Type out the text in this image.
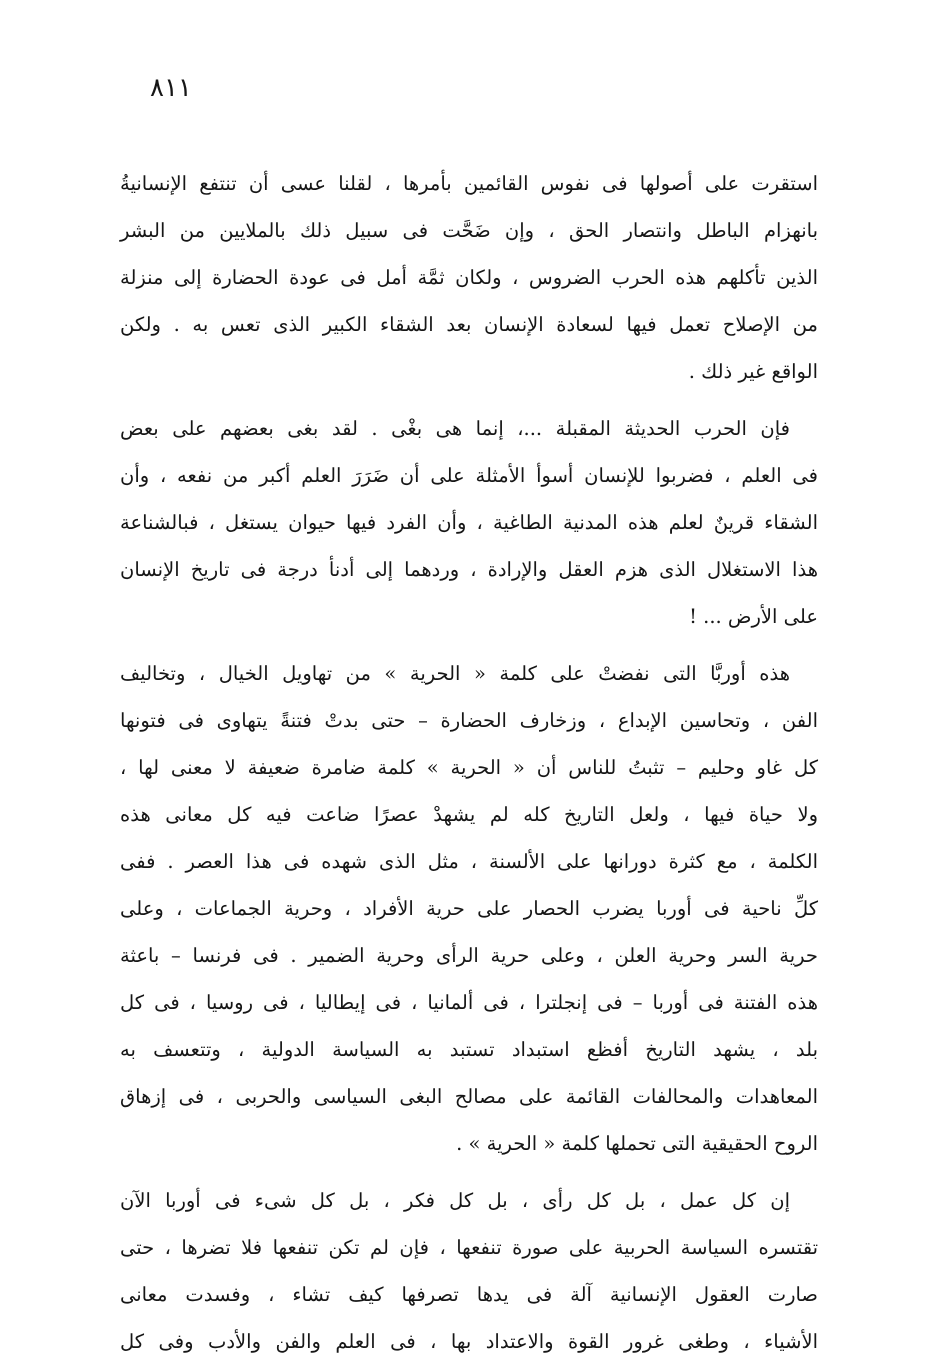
٨١١
استقرت على أصولها فى نفوس القائمين بأمرها ، لقلنا عسى أن تنتفع الإنسانيةُ
بانهزام الباطل وانتصار الحق ، وإن ضَحَّت فى سبيل ذلك بالملايين من البشر
الذين تأكلهم هذه الحرب الضروس ، ولكان ثمَّة أمل فى عودة الحضارة إلى منزلة
من الإصلاح تعمل فيها لسعادة الإنسان بعد الشقاء الكبير الذى تعس به . ولكن
الواقع غير ذلك .
فإن الحرب الحديثة المقبلة ...، إنما هى بغْى . لقد بغى بعضهم على بعض
فى العلم ، فضربوا للإنسان أسوأ الأمثلة على أن ضَرَرَ العلم أكبر من نفعه ، وأن
الشقاء قرينٌ لعلم هذه المدنية الطاغية ، وأن الفرد فيها حيوان يستغل ، فبالشناعة
هذا الاستغلال الذى هزم العقل والإرادة ، وردهما إلى أدنأ درجة فى تاريخ الإنسان
على الأرض ... !
هذه أوربَّا التى نفضتْ على كلمة « الحرية » من تهاويل الخيال ، وتخاليف
الفن ، وتحاسين الإبداع ، وزخارف الحضارة – حتى بدتْ فتنةً يتهاوى فى فتونها
كل غاو وحليم – تثبتُ للناس أن « الحرية » كلمة ضامرة ضعيفة لا معنى لها ،
ولا حياة فيها ، ولعل التاريخ كله لم يشهدْ عصرًا ضاعت فيه كل معانى هذه
الكلمة ، مع كثرة دورانها على الألسنة ، مثل الذى شهده فى هذا العصر . ففى
كلِّ ناحية فى أوربا يضرب الحصار على حرية الأفراد ، وحرية الجماعات ، وعلى
حرية السر وحرية العلن ، وعلى حرية الرأى وحرية الضمير . فى فرنسا – باعثة
هذه الفتنة فى أوربا – فى إنجلترا ، فى ألمانيا ، فى إيطاليا ، فى روسيا ، فى كل
بلد ، يشهد التاريخ أفظع استبداد تستبد به السياسة الدولية ، وتتعسف به
المعاهدات والمحالفات القائمة على مصالح البغى السياسى والحربى ، فى إزهاق
الروح الحقيقية التى تحملها كلمة « الحرية » .
إن كل عمل ، بل كل رأى ، بل كل فكر ، بل كل شىء فى أوربا الآن
تقتسره السياسة الحربية على صورة تنفعها ، فإن لم تكن تنفعها فلا تضرها ، حتى
صارت العقول الإنسانية آلة فى يدها تصرفها كيف تشاء ، وفسدت معانى
الأشياء ، وطغى غرور القوة والاعتداد بها ، فى العلم والفن والأدب وفى كل
